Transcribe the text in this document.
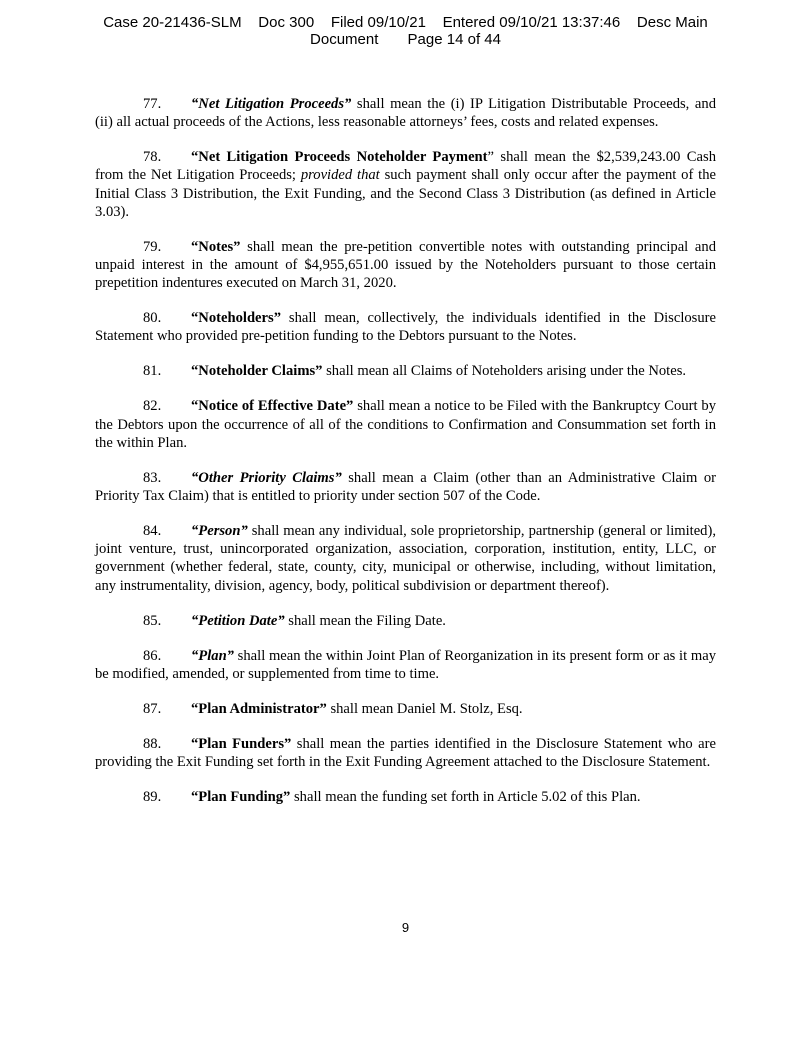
Case 20-21436-SLM    Doc 300    Filed 09/10/21    Entered 09/10/21 13:37:46    Desc Main
Document       Page 14 of 44

77. “Net Litigation Proceeds” shall mean the (i) IP Litigation Distributable Proceeds, and (ii) all actual proceeds of the Actions, less reasonable attorneys’ fees, costs and related expenses.

78. “Net Litigation Proceeds Noteholder Payment” shall mean the $2,539,243.00 Cash from the Net Litigation Proceeds; provided that such payment shall only occur after the payment of the Initial Class 3 Distribution, the Exit Funding, and the Second Class 3 Distribution (as defined in Article 3.03).

79. “Notes” shall mean the pre-petition convertible notes with outstanding principal and unpaid interest in the amount of $4,955,651.00 issued by the Noteholders pursuant to those certain prepetition indentures executed on March 31, 2020.

80. “Noteholders” shall mean, collectively, the individuals identified in the Disclosure Statement who provided pre-petition funding to the Debtors pursuant to the Notes.

81. “Noteholder Claims” shall mean all Claims of Noteholders arising under the Notes.

82. “Notice of Effective Date” shall mean a notice to be Filed with the Bankruptcy Court by the Debtors upon the occurrence of all of the conditions to Confirmation and Consummation set forth in the within Plan.

83. “Other Priority Claims” shall mean a Claim (other than an Administrative Claim or Priority Tax Claim) that is entitled to priority under section 507 of the Code.

84. “Person” shall mean any individual, sole proprietorship, partnership (general or limited), joint venture, trust, unincorporated organization, association, corporation, institution, entity, LLC, or government (whether federal, state, county, city, municipal or otherwise, including, without limitation, any instrumentality, division, agency, body, political subdivision or department thereof).

85. “Petition Date” shall mean the Filing Date.

86. “Plan” shall mean the within Joint Plan of Reorganization in its present form or as it may be modified, amended, or supplemented from time to time.

87. “Plan Administrator” shall mean Daniel M. Stolz, Esq.

88. “Plan Funders” shall mean the parties identified in the Disclosure Statement who are providing the Exit Funding set forth in the Exit Funding Agreement attached to the Disclosure Statement.

89. “Plan Funding” shall mean the funding set forth in Article 5.02 of this Plan.

9
